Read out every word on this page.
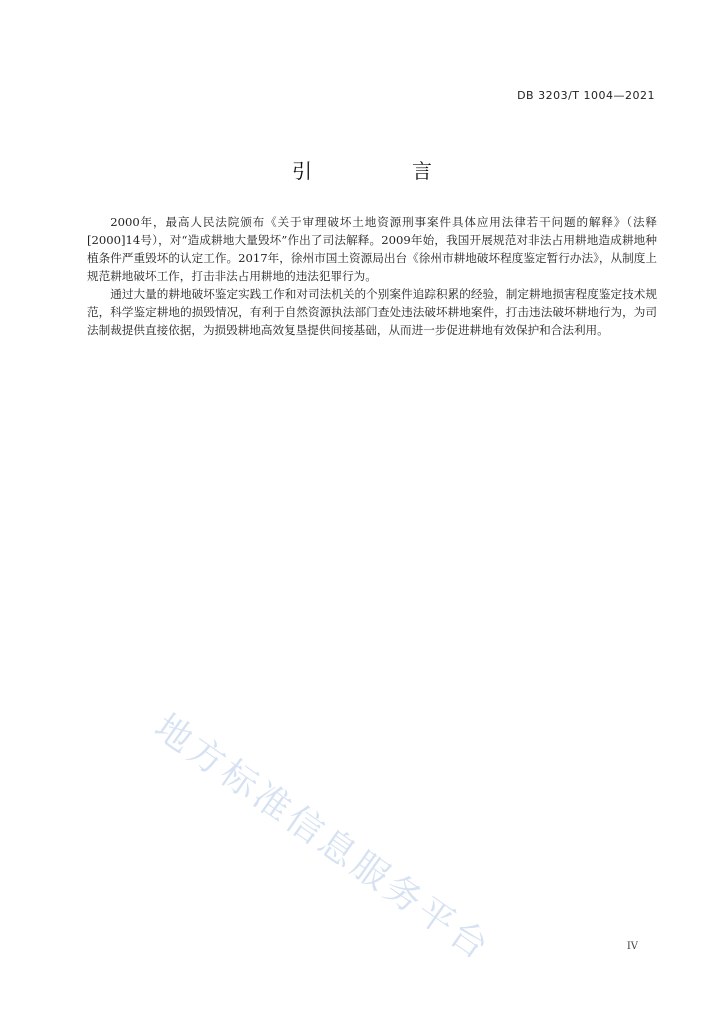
DB 3203/T 1004—2021
引　言

2000年，最高人民法院颁布《关于审理破坏土地资源刑事案件具体应用法律若干问题的解释》（法释[2000]14号），对“造成耕地大量毁坏”作出了司法解释。2009年始，我国开展规范对非法占用耕地造成耕地种植条件严重毁坏的认定工作。2017年，徐州市国土资源局出台《徐州市耕地破坏程度鉴定暂行办法》，从制度上规范耕地破坏工作，打击非法占用耕地的违法犯罪行为。

通过大量的耕地破坏鉴定实践工作和对司法机关的个别案件追踪积累的经验，制定耕地损害程度鉴定技术规范，科学鉴定耕地的损毁情况，有利于自然资源执法部门查处违法破坏耕地案件，打击违法破坏耕地行为，为司法制裁提供直接依据，为损毁耕地高效复垦提供间接基础，从而进一步促进耕地有效保护和合法利用。

地方标准信息服务平台	IV
